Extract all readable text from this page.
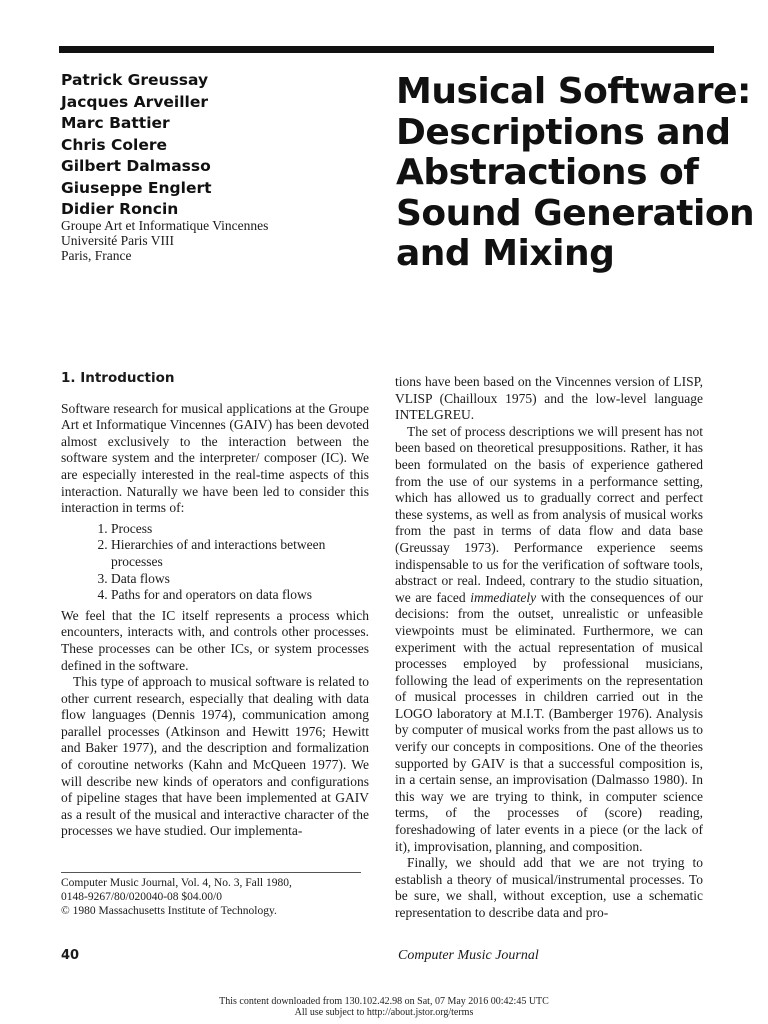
Patrick Greussay
Jacques Arveiller
Marc Battier
Chris Colere
Gilbert Dalmasso
Giuseppe Englert
Didier Roncin
Groupe Art et Informatique Vincennes
Université Paris VIII
Paris, France
Musical Software:
Descriptions and
Abstractions of
Sound Generation
and Mixing
1. Introduction

Software research for musical applications at the Groupe Art et Informatique Vincennes (GAIV) has been devoted almost exclusively to the interaction between the software system and the interpreter/ composer (IC). We are especially interested in the real-time aspects of this interaction. Naturally we have been led to consider this interaction in terms of:

1. Process
2. Hierarchies of and interactions between processes
3. Data flows
4. Paths for and operators on data flows

We feel that the IC itself represents a process which encounters, interacts with, and controls other processes. These processes can be other ICs, or system processes defined in the software.

This type of approach to musical software is related to other current research, especially that dealing with data flow languages (Dennis 1974), communication among parallel processes (Atkinson and Hewitt 1976; Hewitt and Baker 1977), and the description and formalization of coroutine networks (Kahn and McQueen 1977). We will describe new kinds of operators and configurations of pipeline stages that have been implemented at GAIV as a result of the musical and interactive character of the processes we have studied. Our implementa-

tions have been based on the Vincennes version of LISP, VLISP (Chailloux 1975) and the low-level language INTELGREU.

The set of process descriptions we will present has not been based on theoretical presuppositions. Rather, it has been formulated on the basis of experience gathered from the use of our systems in a performance setting, which has allowed us to gradually correct and perfect these systems, as well as from analysis of musical works from the past in terms of data flow and data base (Greussay 1973). Performance experience seems indispensable to us for the verification of software tools, abstract or real. Indeed, contrary to the studio situation, we are faced immediately with the consequences of our decisions: from the outset, unrealistic or unfeasible viewpoints must be eliminated. Furthermore, we can experiment with the actual representation of musical processes employed by professional musicians, following the lead of experiments on the representation of musical processes in children carried out in the LOGO laboratory at M.I.T. (Bamberger 1976). Analysis by computer of musical works from the past allows us to verify our concepts in compositions. One of the theories supported by GAIV is that a successful composition is, in a certain sense, an improvisation (Dalmasso 1980). In this way we are trying to think, in computer science terms, of the processes of (score) reading, foreshadowing of later events in a piece (or the lack of it), improvisation, planning, and composition.

Finally, we should add that we are not trying to establish a theory of musical/instrumental processes. To be sure, we shall, without exception, use a schematic representation to describe data and pro-

Computer Music Journal, Vol. 4, No. 3, Fall 1980,
0148-9267/80/020040-08 $04.00/0
© 1980 Massachusetts Institute of Technology.
40	Computer Music Journal
This content downloaded from 130.102.42.98 on Sat, 07 May 2016 00:42:45 UTC
All use subject to http://about.jstor.org/terms
